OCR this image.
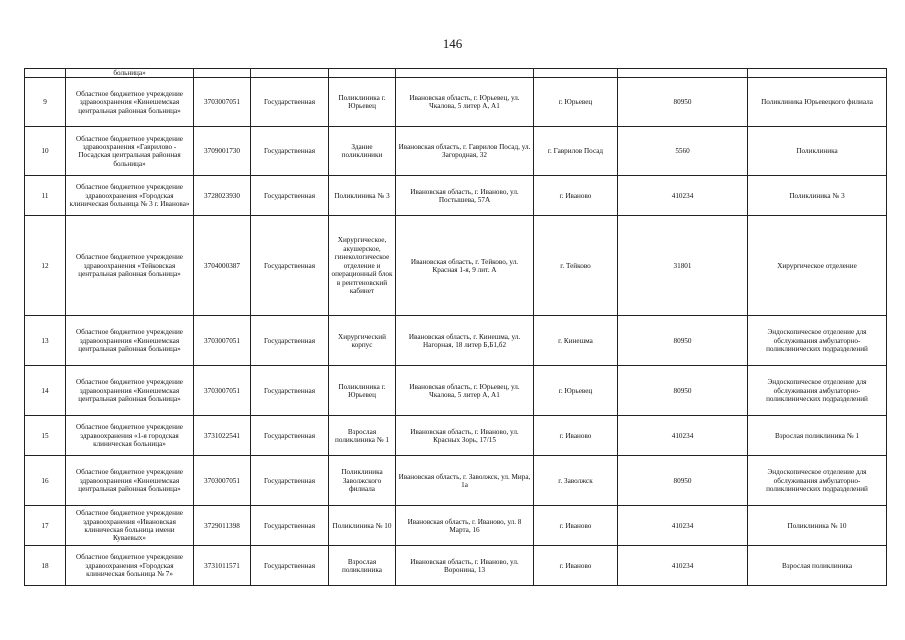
146
	больница»							
9	Областное бюджетное учреждение здравоохранения «Кинешемская центральная районная больница»	3703007051	Государственная	Поликлиника г. Юрьевец	Ивановская область, г. Юрьевец, ул. Чкалова, 5 литер А, А1	г. Юрьевец	80950	Поликлиника Юрьевецкого филиала
10	Областное бюджетное учреждение здравоохранения «Гаврилово - Посадская центральная районная больница»	3709001730	Государственная	Здание поликлиники	Ивановская область, г. Гаврилов Посад, ул. Загородная, 32	г. Гаврилов Посад	5560	Поликлиника
11	Областное бюджетное учреждение здравоохранения «Городская клиническая больница № 3 г. Иванова»	3728023930	Государственная	Поликлиника № 3	Ивановская область, г. Иваново, ул. Постышева, 57А	г. Иваново	410234	Поликлиника № 3
12	Областное бюджетное учреждение здравоохранения «Тейковская центральная районная больница»	3704000387	Государственная	Хирургическое, акушерское, гинекологическое отделение и операционный блок в рентгеновский кабинет	Ивановская область, г. Тейково, ул. Красная 1-я, 9 лит. А	г. Тейково	31801	Хирургическое отделение
13	Областное бюджетное учреждение здравоохранения «Кинешемская центральная районная больница»	3703007051	Государственная	Хирургический корпус	Ивановская область, г. Кинешма, ул. Нагорная, 18 литер Б,Б1,б2	г. Кинешма	80950	Эндоскопическое отделение для обслуживания амбулаторно-поликлинических подразделений
14	Областное бюджетное учреждение здравоохранения «Кинешемская центральная районная больница»	3703007051	Государственная	Поликлиника г. Юрьевец	Ивановская область, г. Юрьевец, ул. Чкалова, 5 литер А, А1	г. Юрьевец	80950	Эндоскопическое отделение для обслуживания амбулаторно-поликлинических подразделений
15	Областное бюджетное учреждение здравоохранения «1-я городская клиническая больница»	3731022541	Государственная	Взрослая поликлиника № 1	Ивановская область, г. Иваново, ул. Красных Зорь, 17/15	г. Иваново	410234	Взрослая поликлиника № 1
16	Областное бюджетное учреждение здравоохранения «Кинешемская центральная районная больница»	3703007051	Государственная	Поликлиника Заволжского филиала	Ивановская область, г. Заволжск, ул. Мира, 1а	г. Заволжск	80950	Эндоскопическое отделение для обслуживания амбулаторно-поликлинических подразделений
17	Областное бюджетное учреждение здравоохранения «Ивановская клиническая больница имени Куваевых»	3729011398	Государственная	Поликлиника № 10	Ивановская область, г. Иваново, ул. 8 Марта, 16	г. Иваново	410234	Поликлиника № 10
18	Областное бюджетное учреждение здравоохранения «Городская клиническая больница № 7»	3731011571	Государственная	Взрослая поликлиника	Ивановская область, г. Иваново, ул. Воронина, 13	г. Иваново	410234	Взрослая поликлиника
